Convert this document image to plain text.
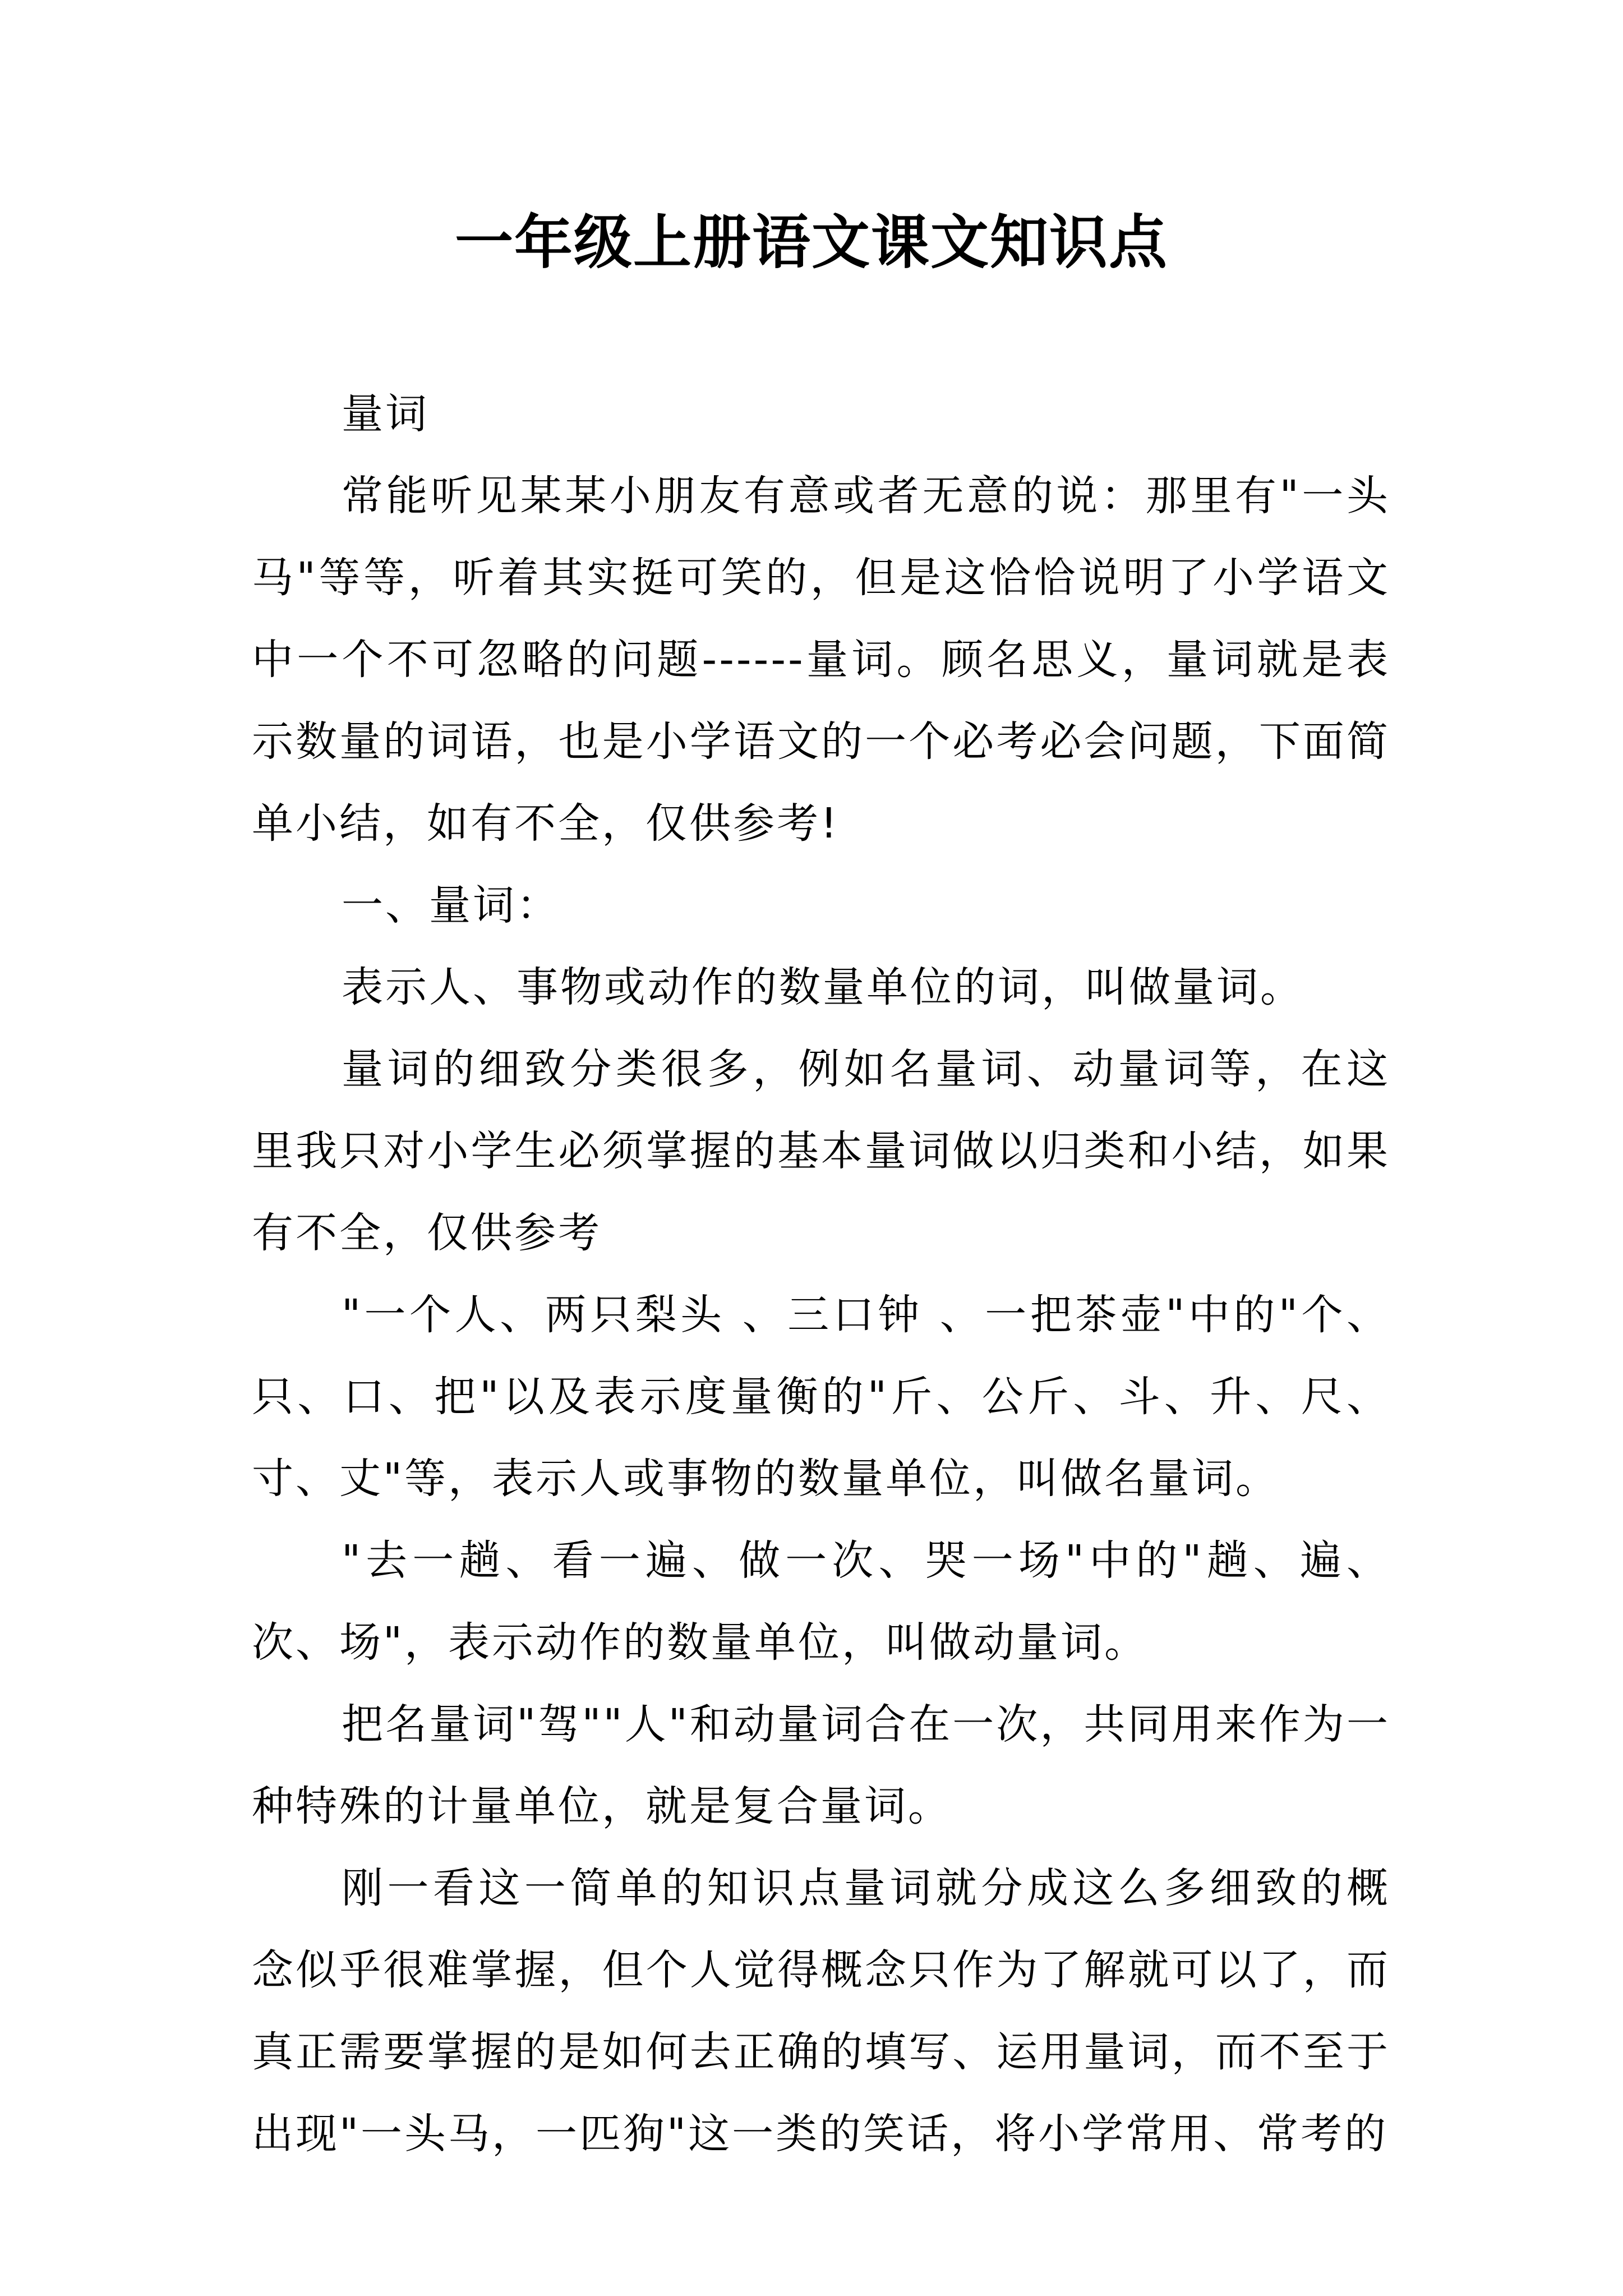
一年级上册语文课文知识点

量词

常能听见某某小朋友有意或者无意的说：那里有"一头马"等等，听着其实挺可笑的，但是这恰恰说明了小学语文中一个不可忽略的问题------量词。顾名思义，量词就是表示数量的词语，也是小学语文的一个必考必会问题，下面简单小结，如有不全，仅供参考!

一、量词：

表示人、事物或动作的数量单位的词，叫做量词。

量词的细致分类很多，例如名量词、动量词等，在这里我只对小学生必须掌握的基本量词做以归类和小结，如果有不全，仅供参考

"一个人、两只梨头 、三口钟 、一把茶壶"中的"个、只、口、把"以及表示度量衡的"斤、公斤、斗、升、尺、寸、丈"等，表示人或事物的数量单位，叫做名量词。

"去一趟、看一遍、做一次、哭一场"中的"趟、遍、次、场"，表示动作的数量单位，叫做动量词。

把名量词"驾""人"和动量词合在一次，共同用来作为一种特殊的计量单位，就是复合量词。

刚一看这一简单的知识点量词就分成这么多细致的概念似乎很难掌握，但个人觉得概念只作为了解就可以了，而真正需要掌握的是如何去正确的填写、运用量词，而不至于出现"一头马，一匹狗"这一类的笑话，将小学常用、常考的
